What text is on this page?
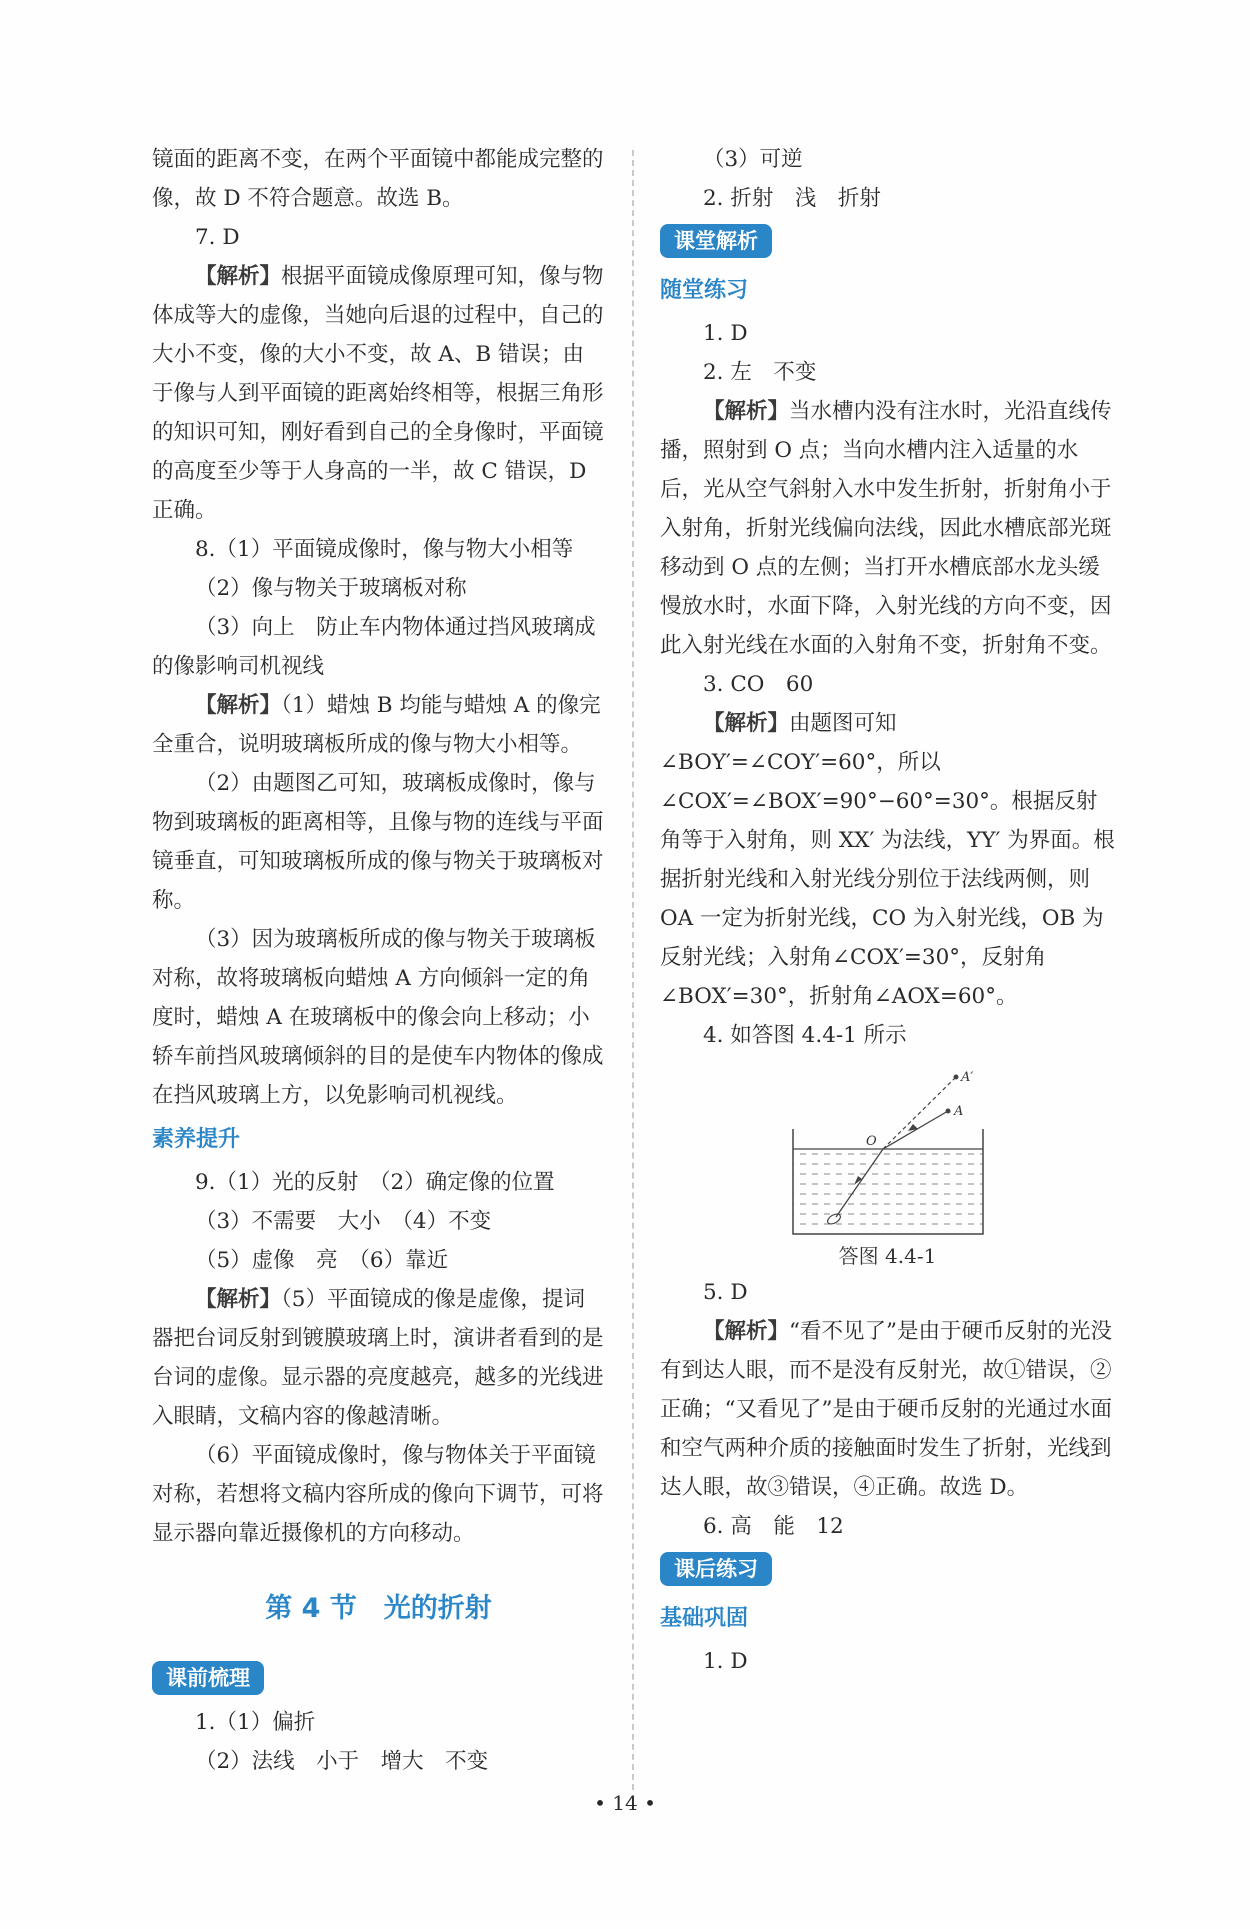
镜面的距离不变，在两个平面镜中都能成完整的像，故 D 不符合题意。故选 B。

7. D

【解析】根据平面镜成像原理可知，像与物体成等大的虚像，当她向后退的过程中，自己的大小不变，像的大小不变，故 A、B 错误；由于像与人到平面镜的距离始终相等，根据三角形的知识可知，刚好看到自己的全身像时，平面镜的高度至少等于人身高的一半，故 C 错误，D 正确。

8.（1）平面镜成像时，像与物大小相等

（2）像与物关于玻璃板对称

（3）向上　防止车内物体通过挡风玻璃成的像影响司机视线

【解析】（1）蜡烛 B 均能与蜡烛 A 的像完全重合，说明玻璃板所成的像与物大小相等。

（2）由题图乙可知，玻璃板成像时，像与物到玻璃板的距离相等，且像与物的连线与平面镜垂直，可知玻璃板所成的像与物关于玻璃板对称。

（3）因为玻璃板所成的像与物关于玻璃板对称，故将玻璃板向蜡烛 A 方向倾斜一定的角度时，蜡烛 A 在玻璃板中的像会向上移动；小轿车前挡风玻璃倾斜的目的是使车内物体的像成在挡风玻璃上方，以免影响司机视线。

素养提升

9.（1）光的反射　（2）确定像的位置

（3）不需要　大小　（4）不变

（5）虚像　亮　（6）靠近

【解析】（5）平面镜成的像是虚像，提词器把台词反射到镀膜玻璃上时，演讲者看到的是台词的虚像。显示器的亮度越亮，越多的光线进入眼睛，文稿内容的像越清晰。

（6）平面镜成像时，像与物体关于平面镜对称，若想将文稿内容所成的像向下调节，可将显示器向靠近摄像机的方向移动。

第 4 节　光的折射
课前梳理

1.（1）偏折

（2）法线　小于　增大　不变

（3）可逆

2. 折射　浅　折射

课堂解析
随堂练习

1. D

2. 左　不变

【解析】当水槽内没有注水时，光沿直线传播，照射到 O 点；当向水槽内注入适量的水后，光从空气斜射入水中发生折射，折射角小于入射角，折射光线偏向法线，因此水槽底部光斑移动到 O 点的左侧；当打开水槽底部水龙头缓慢放水时，水面下降，入射光线的方向不变，因此入射光线在水面的入射角不变，折射角不变。

3. CO　60

【解析】由题图可知∠BOY′=∠COY′=60°，所以∠COX′=∠BOX′=90°−60°=30°。根据反射角等于入射角，则 XX′ 为法线，YY′ 为界面。根据折射光线和入射光线分别位于法线两侧，则 OA 一定为折射光线，CO 为入射光线，OB 为反射光线；入射角∠COX′=30°，反射角∠BOX′=30°，折射角∠AOX=60°。

4. 如答图 4.4-1 所示

A′
A
O
答图 4.4-1

5. D

【解析】“看不见了”是由于硬币反射的光没有到达人眼，而不是没有反射光，故①错误，②正确；“又看见了”是由于硬币反射的光通过水面和空气两种介质的接触面时发生了折射，光线到达人眼，故③错误，④正确。故选 D。

6. 高　能　12

课后练习
基础巩固

1. D

• 14 •
